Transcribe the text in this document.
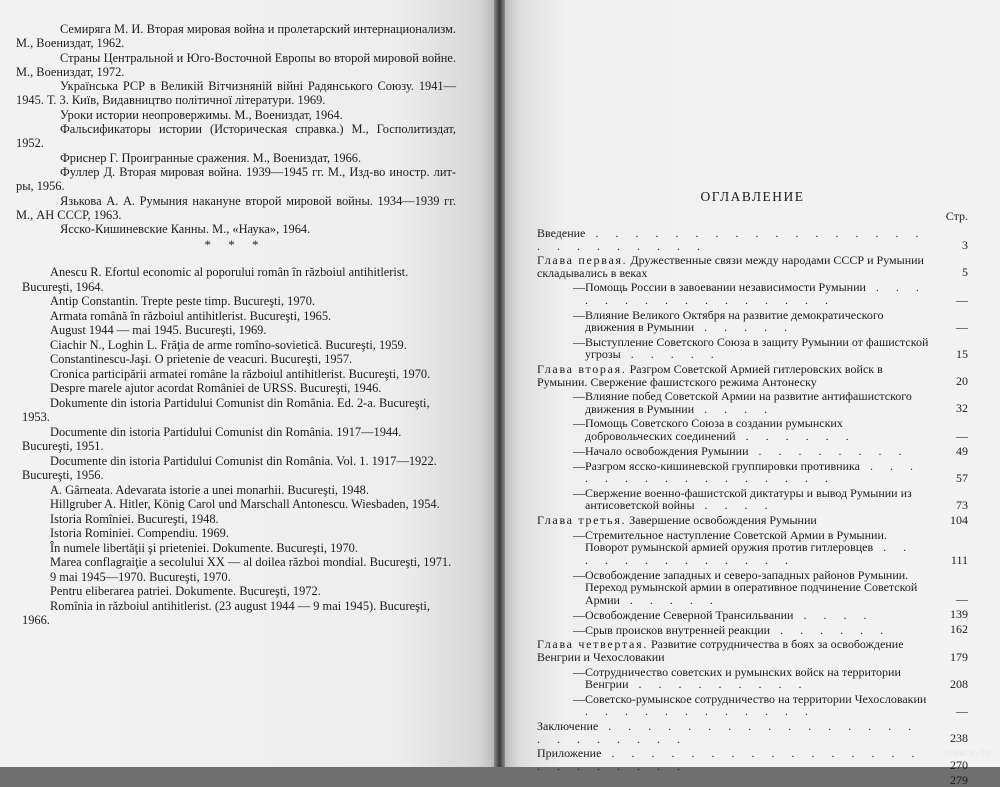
Семиряга М. И. Вторая мировая война и пролетарский интернационализм. М., Воениздат, 1962.

Страны Центральной и Юго-Восточной Европы во второй мировой войне. М., Воениздат, 1972.

Українська РСР в Великiй Вiтчизнянiй вiйнi Радянського Союзу. 1941—1945. Т. 3. Київ, Видавництво політичної літератури. 1969.

Уроки истории неопровержимы. М., Воениздат, 1964.

Фальсификаторы истории (Историческая справка.) М., Госполитиздат, 1952.

Фриснер Г. Проигранные сражения. М., Воениздат, 1966.

Фуллер Д. Вторая мировая война. 1939—1945 гг. М., Изд-во иностр. лит-ры, 1956.

Язькова А. А. Румыния накануне второй мировой войны. 1934—1939 гг. М., АН СССР, 1963.

Ясско-Кишиневские Канны. М., «Наука», 1964.

* * *

Anescu R. Efortul economic al poporului român în războiul antihitlerist. Bucureşti, 1964.

Antip Constantin. Trepte peste timp. Bucureşti, 1970.

Armata română în războiul antihitlerist. Bucureşti, 1965.

August 1944 — mai 1945. Bucureşti, 1969.

Ciachir N., Loghin L. Frăţia de arme romîno-sovietică. Bucureşti, 1959.

Constantinescu-Jaşi. O prietenie de veacuri. Bucureşti, 1957.

Cronica participării armatei române la războiul antihitlerist. Bucureşti, 1970.

Despre marele ajutor acordat României de URSS. Bucureşti, 1946.

Dokumente din istoria Partidului Comunist din România. Ed. 2-a. Bucureşti, 1953.

Documente din istoria Partidului Comunist din România. 1917—1944. Bucureşti, 1951.

Documente din istoria Partidului Comunist din România. Vol. 1. 1917—1922. Bucureşti, 1956.

A. Gârneata. Adevarata istorie a unei monarhii. Bucureşti, 1948.

Hillgruber A. Hitler, König Carol und Marschall Antonescu. Wiesbaden, 1954.

Istoria Romîniei. Bucureşti, 1948.

Istoria Rominiei. Compendiu. 1969.

În numele libertăţii şi prieteniei. Dokumente. Bucureşti, 1970.

Marea conflagraiţie a secolului XX — al doilea război mondial. Bucureşti, 1971.

9 mai 1945—1970. Bucureşti, 1970.

Pentru eliberarea patriei. Dokumente. Bucureşti, 1972.

Romînia in războiul antihitlerist. (23 august 1944 — 9 mai 1945). Bucureşti, 1966.

ОГЛАВЛЕНИЕ
Стр.
Введение . . . . . . . . . . . . . . . . . . . . . . . . . .	3
Глава первая. Дружественные связи между народами СССР и Румынии складывались в веках	5
—Помощь России в завоевании независимости Румынии . . . . . . . . . . . . . . . .	—
—Влияние Великого Октября на развитие демократического движения в Румынии . . . . .	—
—Выступление Советского Союза в защиту Румынии от фашистской угрозы . . . . .	15
Глава вторая. Разгром Советской Армией гитлеровских войск в Румынии. Свержение фашистского режима Антонеску	20
—Влияние побед Советской Армии на развитие антифашистского движения в Румынии . . . .	32
—Помощь Советского Союза в создании румынских добровольческих соединений . . . . . .	—
—Начало освобождения Румынии . . . . . . . .	49
—Разгром ясско-кишиневской группировки противника . . . . . . . . . . . . . . . .	57
—Свержение военно-фашистской диктатуры и вывод Румынии из антисоветской войны . . . .	73
Глава третья. Завершение освобождения Румынии	104
—Стремительное наступление Советской Армии в Румынии. Поворот румынской армией оружия против гитлеровцев . . . . . . . . . . . . .	111
—Освобождение западных и северо-западных районов Румынии. Переход румынской армии в оперативное подчинение Советской Армии . . . . .	—
—Освобождение Северной Трансильвании . . . .	139
—Срыв происков внутренней реакции . . . . . .	162
Глава четвертая. Развитие сотрудничества в боях за освобождение Венгрии и Чехословакии	179
—Сотрудничество советских и румынских войск на территории Венгрии . . . . . . . . .	208
—Советско-румынское сотрудничество на территории Чехословакии . . . . . . . . . . . .	—
Заключение . . . . . . . . . . . . . . . . . . . . . . . .	238
Приложение . . . . . . . . . . . . . . . . . . . . . . . .	270
279
www.ay.by
